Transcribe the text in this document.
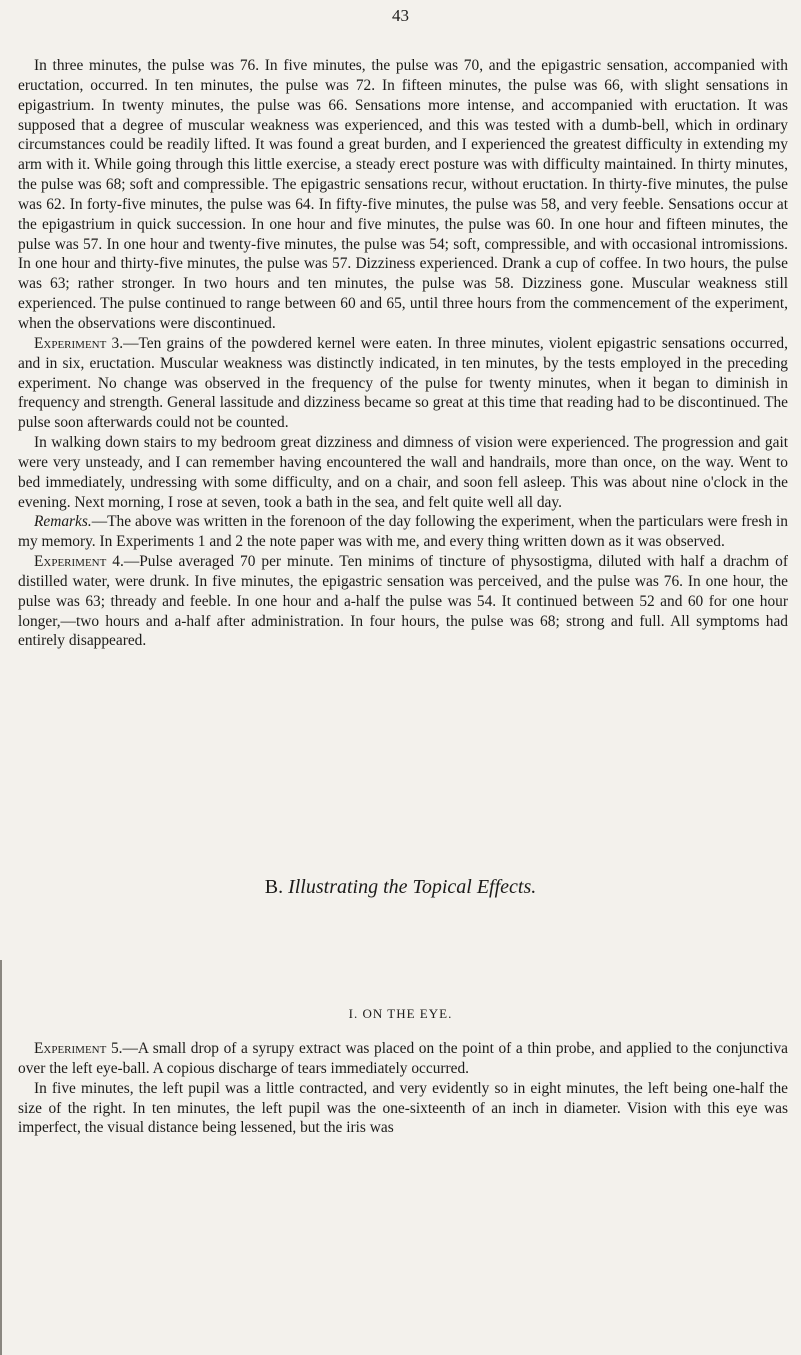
43

In three minutes, the pulse was 76. In five minutes, the pulse was 70, and the epigastric sensation, accompanied with eructation, occurred. In ten minutes, the pulse was 72. In fifteen minutes, the pulse was 66, with slight sensations in epigastrium. In twenty minutes, the pulse was 66. Sensations more intense, and accompanied with eructation. It was supposed that a degree of muscular weakness was experienced, and this was tested with a dumb-bell, which in ordinary circumstances could be readily lifted. It was found a great burden, and I experienced the greatest difficulty in extending my arm with it. While going through this little exercise, a steady erect posture was with difficulty maintained. In thirty minutes, the pulse was 68; soft and compressible. The epigastric sensations recur, without eructation. In thirty-five minutes, the pulse was 62. In forty-five minutes, the pulse was 64. In fifty-five minutes, the pulse was 58, and very feeble. Sensations occur at the epigastrium in quick succession. In one hour and five minutes, the pulse was 60. In one hour and fifteen minutes, the pulse was 57. In one hour and twenty-five minutes, the pulse was 54; soft, compressible, and with occasional intromissions. In one hour and thirty-five minutes, the pulse was 57. Dizziness experienced. Drank a cup of coffee. In two hours, the pulse was 63; rather stronger. In two hours and ten minutes, the pulse was 58. Dizziness gone. Muscular weakness still experienced. The pulse continued to range between 60 and 65, until three hours from the commencement of the experiment, when the observations were discontinued.

Experiment 3.—Ten grains of the powdered kernel were eaten. In three minutes, violent epigastric sensations occurred, and in six, eructation. Muscular weakness was distinctly indicated, in ten minutes, by the tests employed in the preceding experiment. No change was observed in the frequency of the pulse for twenty minutes, when it began to diminish in frequency and strength. General lassitude and dizziness became so great at this time that reading had to be discontinued. The pulse soon afterwards could not be counted.

In walking down stairs to my bedroom great dizziness and dimness of vision were experienced. The progression and gait were very unsteady, and I can remember having encountered the wall and handrails, more than once, on the way. Went to bed immediately, undressing with some difficulty, and on a chair, and soon fell asleep. This was about nine o'clock in the evening. Next morning, I rose at seven, took a bath in the sea, and felt quite well all day.

Remarks.—The above was written in the forenoon of the day following the experiment, when the particulars were fresh in my memory. In Experiments 1 and 2 the note paper was with me, and every thing written down as it was observed.

Experiment 4.—Pulse averaged 70 per minute. Ten minims of tincture of physostigma, diluted with half a drachm of distilled water, were drunk. In five minutes, the epigastric sensation was perceived, and the pulse was 76. In one hour, the pulse was 63; thready and feeble. In one hour and a-half the pulse was 54. It continued between 52 and 60 for one hour longer,—two hours and a-half after administration. In four hours, the pulse was 68; strong and full. All symptoms had entirely disappeared.

B. Illustrating the Topical Effects.
I. ON THE EYE.

Experiment 5.—A small drop of a syrupy extract was placed on the point of a thin probe, and applied to the conjunctiva over the left eye-ball. A copious discharge of tears immediately occurred.

In five minutes, the left pupil was a little contracted, and very evidently so in eight minutes, the left being one-half the size of the right. In ten minutes, the left pupil was the one-sixteenth of an inch in diameter. Vision with this eye was imperfect, the visual distance being lessened, but the iris was
